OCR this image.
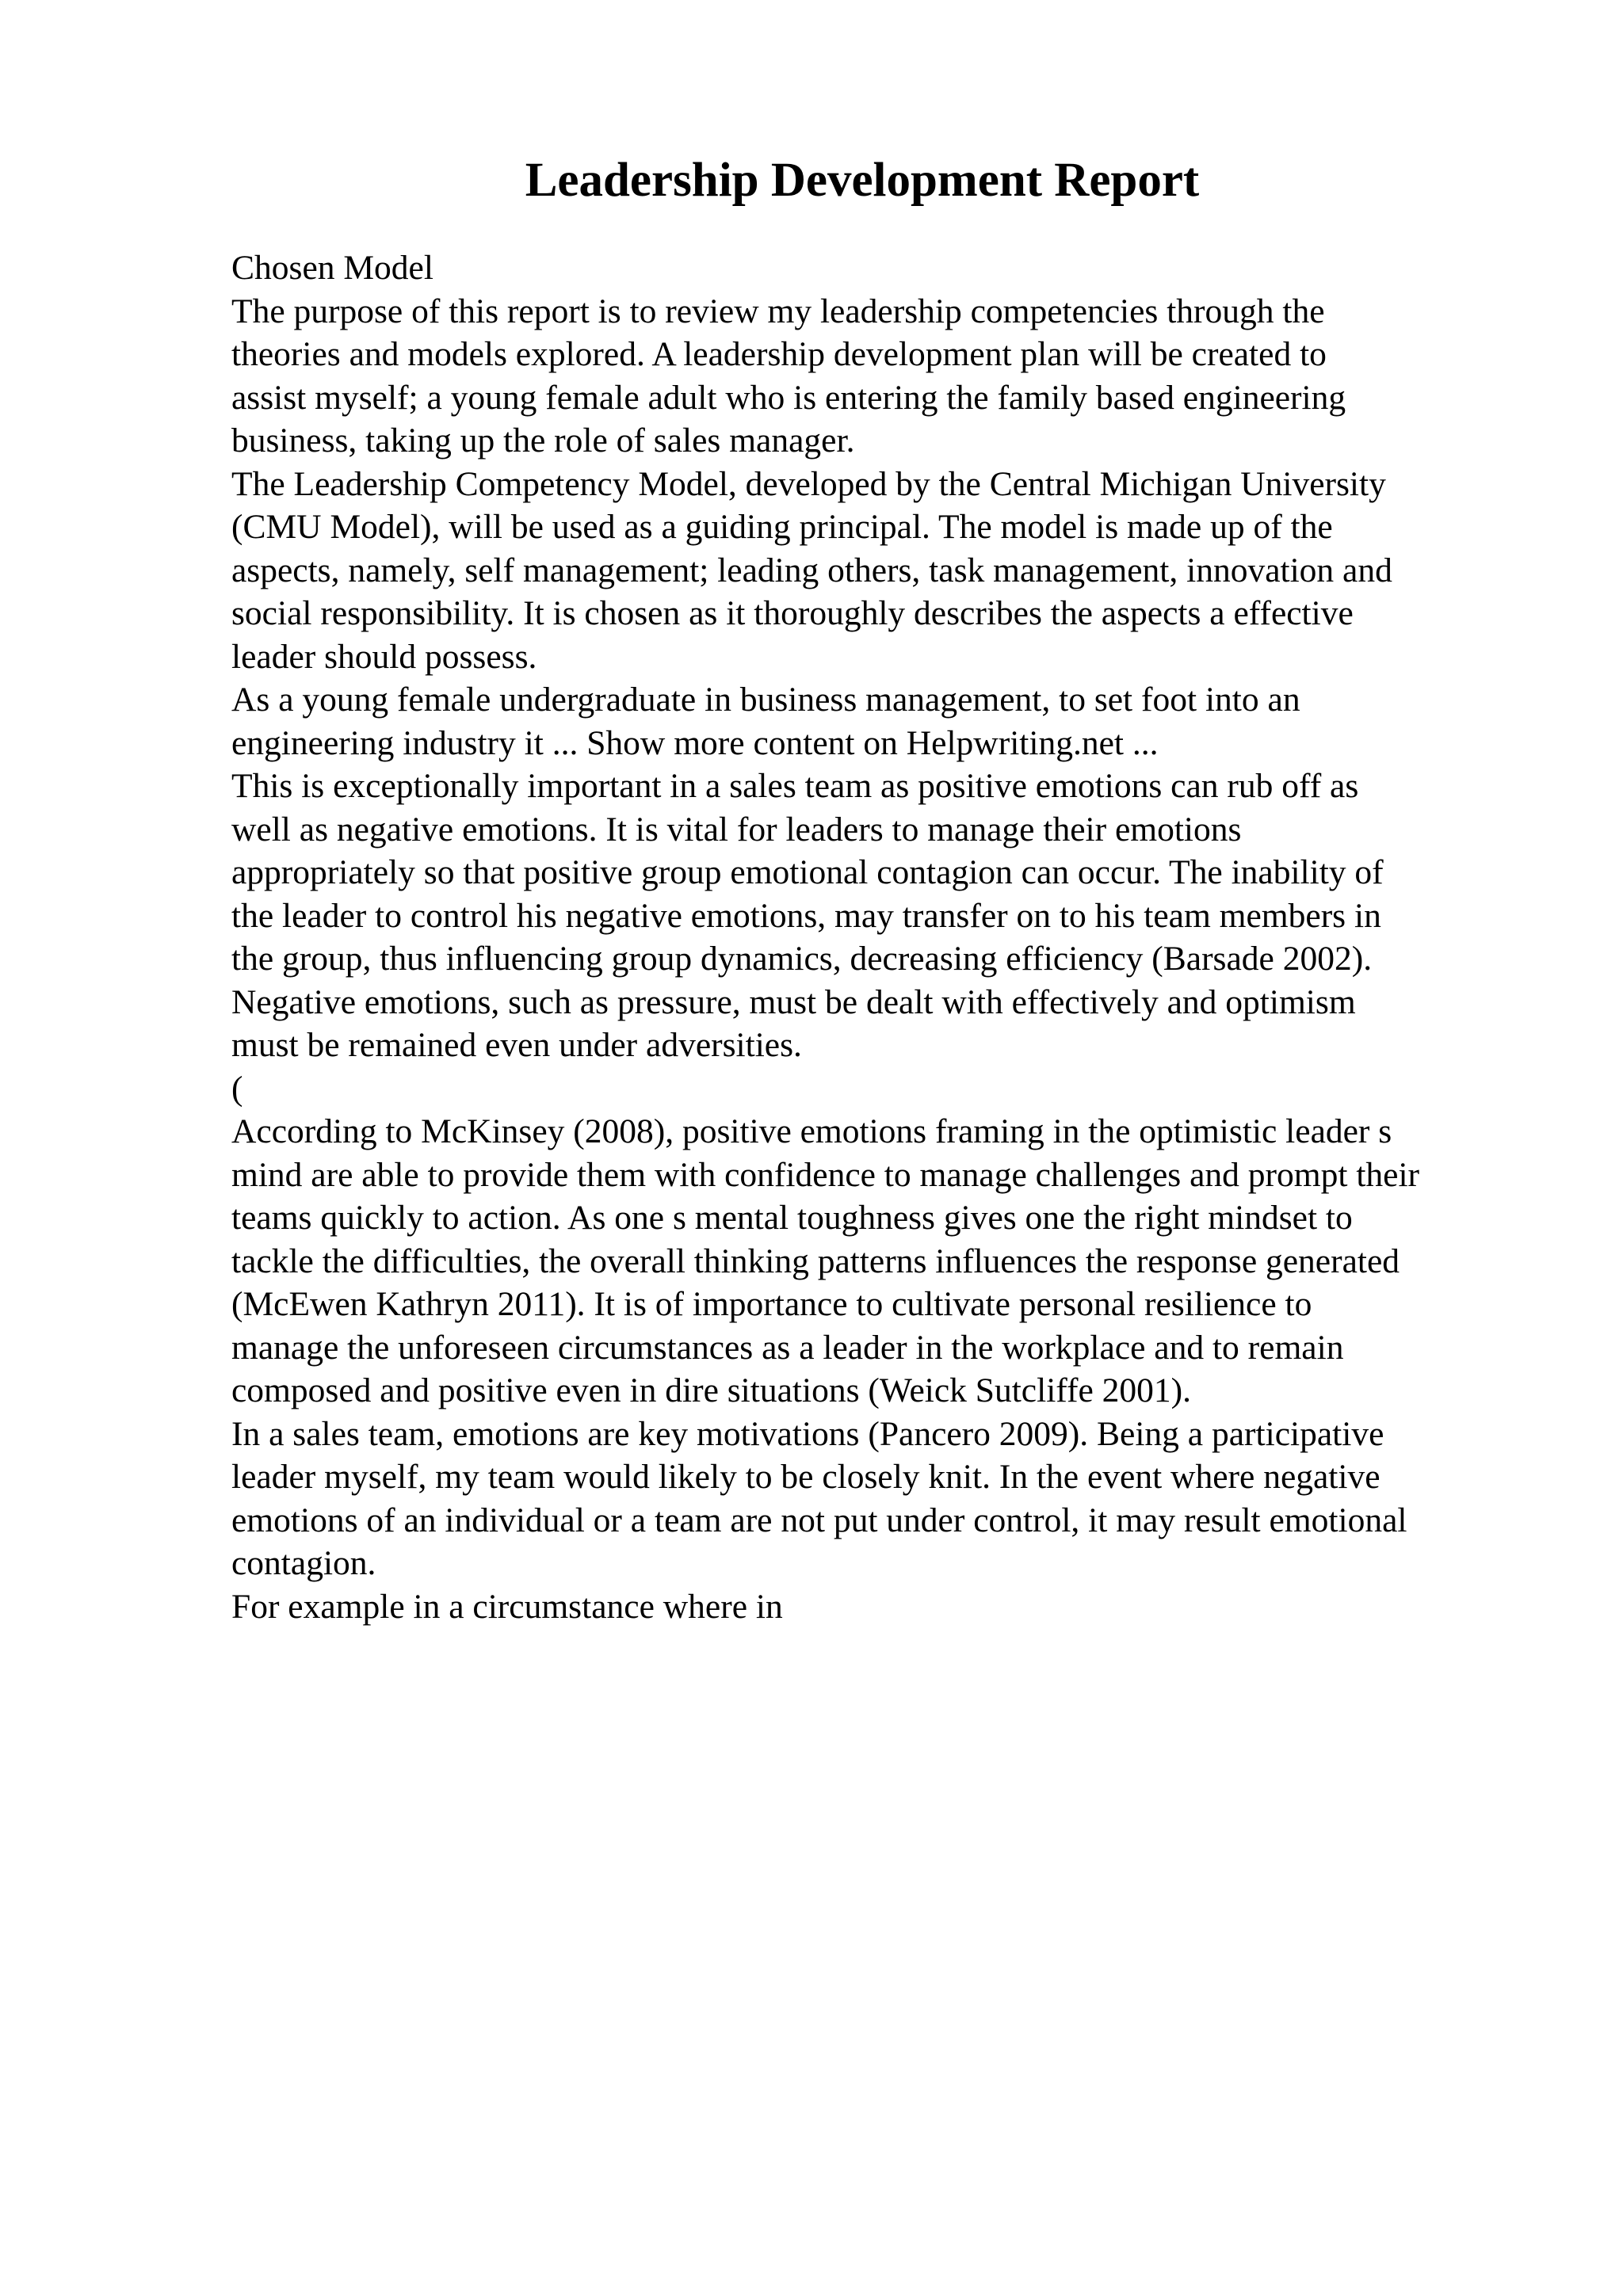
Leadership Development Report
Chosen Model
The purpose of this report is to review my leadership competencies through the
theories and models explored. A leadership development plan will be created to
assist myself; a young female adult who is entering the family based engineering
business, taking up the role of sales manager.
The Leadership Competency Model, developed by the Central Michigan University
(CMU Model), will be used as a guiding principal. The model is made up of the
aspects, namely, self management; leading others, task management, innovation and
social responsibility. It is chosen as it thoroughly describes the aspects a effective
leader should possess.
As a young female undergraduate in business management, to set foot into an
engineering industry it ... Show more content on Helpwriting.net ...
This is exceptionally important in a sales team as positive emotions can rub off as
well as negative emotions. It is vital for leaders to manage their emotions
appropriately so that positive group emotional contagion can occur. The inability of
the leader to control his negative emotions, may transfer on to his team members in
the group, thus influencing group dynamics, decreasing efficiency (Barsade 2002).
Negative emotions, such as pressure, must be dealt with effectively and optimism
must be remained even under adversities.
(
According to McKinsey (2008), positive emotions framing in the optimistic leader s
mind are able to provide them with confidence to manage challenges and prompt their
teams quickly to action. As one s mental toughness gives one the right mindset to
tackle the difficulties, the overall thinking patterns influences the response generated
(McEwen Kathryn 2011). It is of importance to cultivate personal resilience to
manage the unforeseen circumstances as a leader in the workplace and to remain
composed and positive even in dire situations (Weick Sutcliffe 2001).
In a sales team, emotions are key motivations (Pancero 2009). Being a participative
leader myself, my team would likely to be closely knit. In the event where negative
emotions of an individual or a team are not put under control, it may result emotional
contagion.
For example in a circumstance where in
